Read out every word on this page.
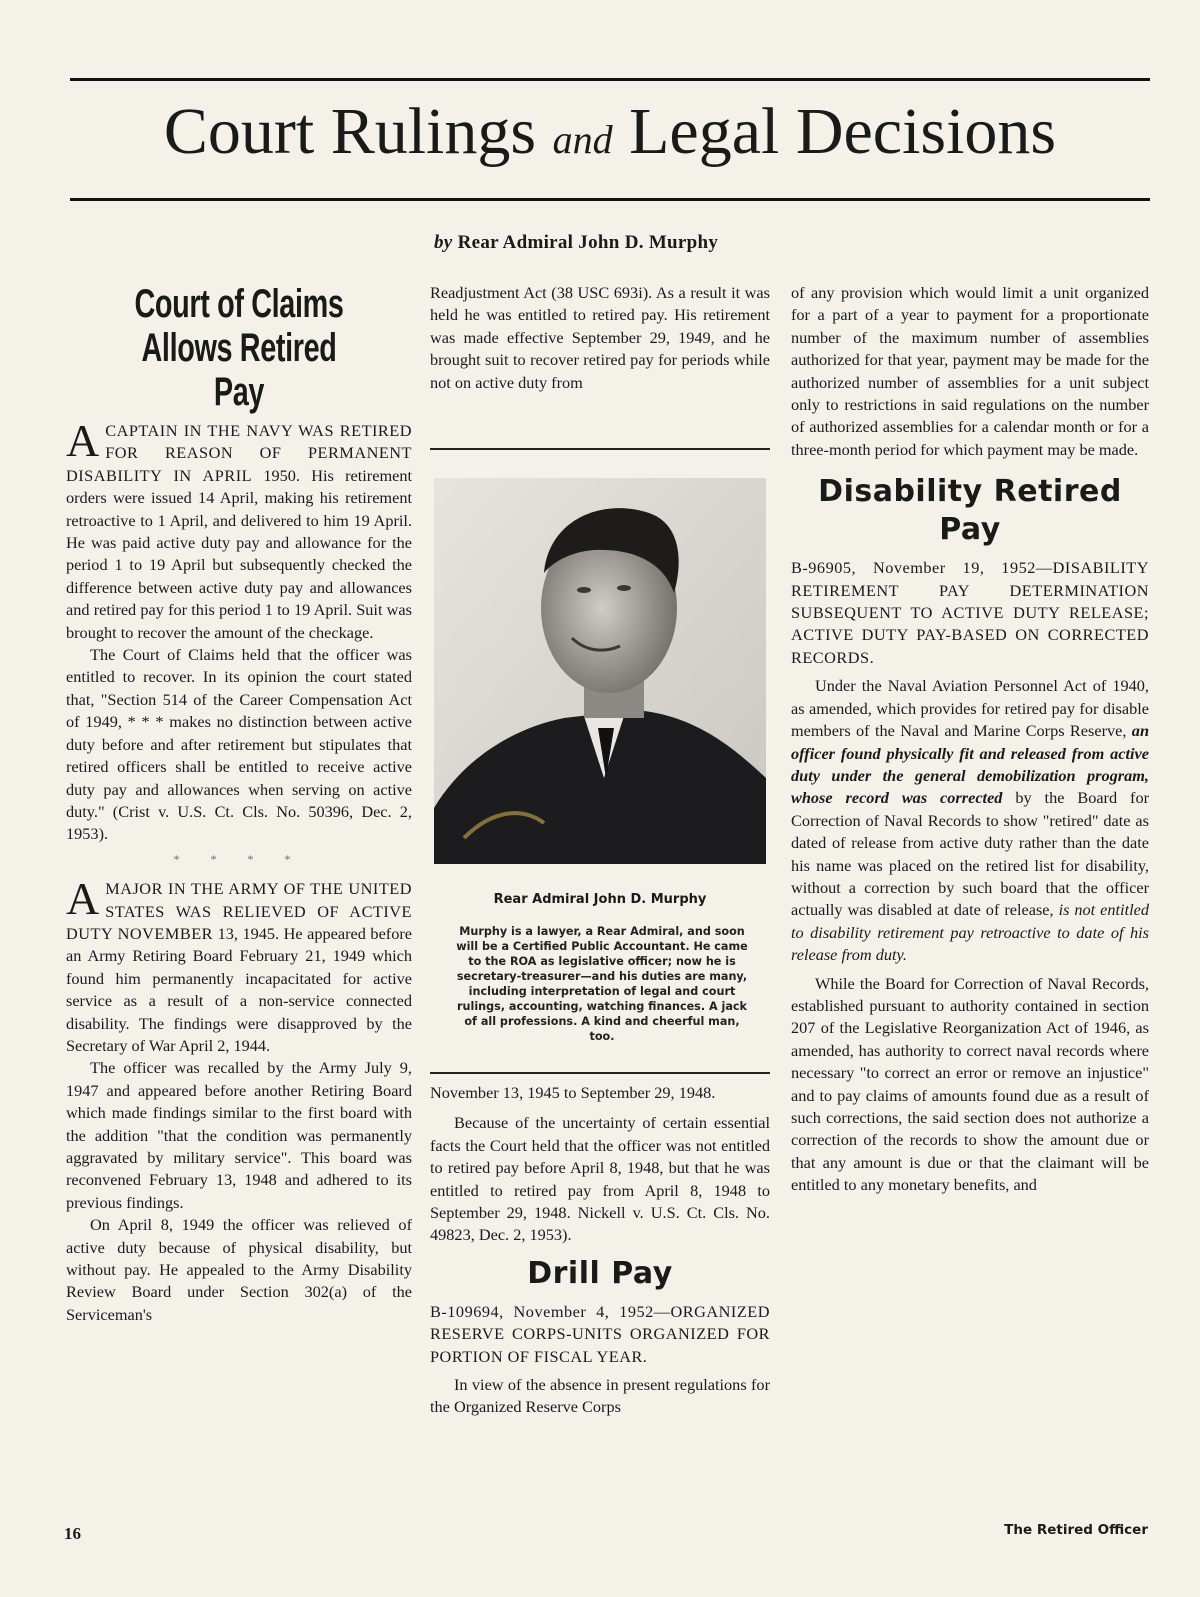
Court Rulings and Legal Decisions
by Rear Admiral John D. Murphy
Court of Claims
Allows Retired Pay

ACAPTAIN IN THE NAVY WAS RETIRED FOR REASON OF PERMANENT DISABILITY IN APRIL 1950. His retirement orders were issued 14 April, making his retirement retroactive to 1 April, and delivered to him 19 April. He was paid active duty pay and allowance for the period 1 to 19 April but subsequently checked the difference between active duty pay and allowances and retired pay for this period 1 to 19 April. Suit was brought to recover the amount of the checkage.

The Court of Claims held that the officer was entitled to recover. In its opinion the court stated that, "Section 514 of the Career Compensation Act of 1949, * * * makes no distinction between active duty before and after retirement but stipulates that retired officers shall be entitled to receive active duty pay and allowances when serving on active duty." (Crist v. U.S. Ct. Cls. No. 50396, Dec. 2, 1953).

* * * *

AMAJOR IN THE ARMY OF THE UNITED STATES WAS RELIEVED OF ACTIVE DUTY NOVEMBER 13, 1945. He appeared before an Army Retiring Board February 21, 1949 which found him permanently incapacitated for active service as a result of a non-service connected disability. The findings were disapproved by the Secretary of War April 2, 1944.

The officer was recalled by the Army July 9, 1947 and appeared before another Retiring Board which made findings similar to the first board with the addition "that the condition was permanently aggravated by military service". This board was reconvened February 13, 1948 and adhered to its previous findings.

On April 8, 1949 the officer was relieved of active duty because of physical disability, but without pay. He appealed to the Army Disability Review Board under Section 302(a) of the Serviceman's

Readjustment Act (38 USC 693i). As a result it was held he was entitled to retired pay. His retirement was made effective September 29, 1949, and he brought suit to recover retired pay for periods while not on active duty from

Rear Admiral John D. Murphy
Murphy is a lawyer, a Rear Admiral, and soon will be a Certified Public Accountant. He came to the ROA as legislative officer; now he is secretary-treasurer—and his duties are many, including interpretation of legal and court rulings, accounting, watching finances. A jack of all professions. A kind and cheerful man, too.

November 13, 1945 to September 29, 1948.

Because of the uncertainty of certain essential facts the Court held that the officer was not entitled to retired pay before April 8, 1948, but that he was entitled to retired pay from April 8, 1948 to September 29, 1948. Nickell v. U.S. Ct. Cls. No. 49823, Dec. 2, 1953).

Drill Pay

B-109694, November 4, 1952—ORGANIZED RESERVE CORPS-UNITS ORGANIZED FOR PORTION OF FISCAL YEAR.

In view of the absence in present regulations for the Organized Reserve Corps

of any provision which would limit a unit organized for a part of a year to payment for a proportionate number of the maximum number of assemblies authorized for that year, payment may be made for the authorized number of assemblies for a unit subject only to restrictions in said regulations on the number of authorized assemblies for a calendar month or for a three-month period for which payment may be made.

Disability Retired
Pay

B-96905, November 19, 1952—DISABILITY RETIREMENT PAY DETERMINATION SUBSEQUENT TO ACTIVE DUTY RELEASE; ACTIVE DUTY PAY-BASED ON CORRECTED RECORDS.

Under the Naval Aviation Personnel Act of 1940, as amended, which provides for retired pay for disable members of the Naval and Marine Corps Reserve, an officer found physically fit and released from active duty under the general demobilization program, whose record was corrected by the Board for Correction of Naval Records to show "retired" date as dated of release from active duty rather than the date his name was placed on the retired list for disability, without a correction by such board that the officer actually was disabled at date of release, is not entitled to disability retirement pay retroactive to date of his release from duty.

While the Board for Correction of Naval Records, established pursuant to authority contained in section 207 of the Legislative Reorganization Act of 1946, as amended, has authority to correct naval records where necessary "to correct an error or remove an injustice" and to pay claims of amounts found due as a result of such corrections, the said section does not authorize a correction of the records to show the amount due or that any amount is due or that the claimant will be entitled to any monetary benefits, and

16	The Retired Officer
